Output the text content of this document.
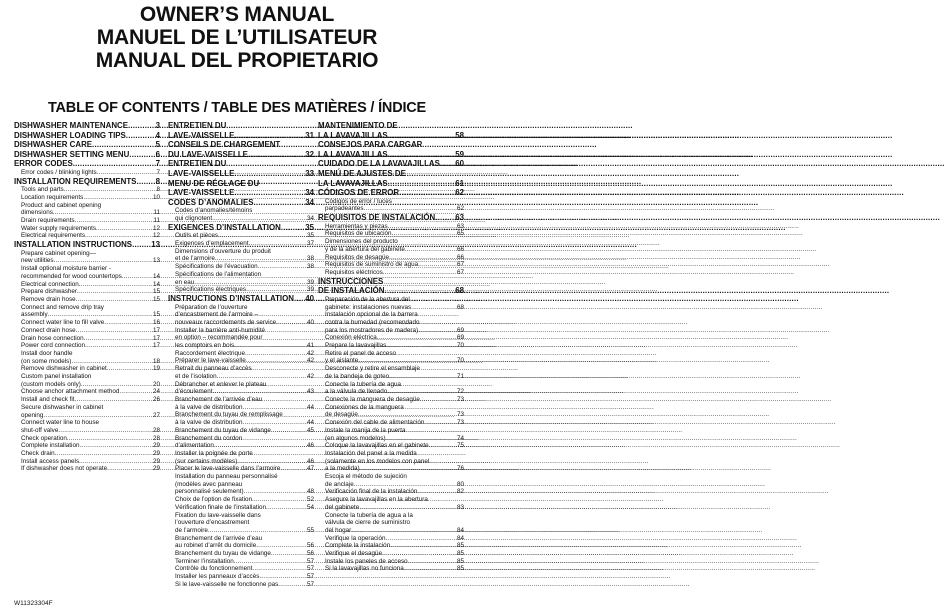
OWNER’S MANUAL
MANUEL DE L’UTILISATEUR
MANUAL DEL PROPIETARIO
TABLE OF CONTENTS / TABLE DES MATIÈRES / ÍNDICE
DISHWASHER MAINTENANCE .....	3
DISHWASHER LOADING TIPS .....	4
DISHWASHER CARE .....	5
DISHWASHER SETTING MENU .....	6
ERROR CODES .....	7
Error codes / blinking lights .....	7
INSTALLATION REQUIREMENTS ..... 8
Tools and parts .....	8
Location requirements .....	10
Product and cabinet opening
dimensions .....	11
Drain requirements .....	11
Water supply requirements .....	12
Electrical requirements .....	12
INSTALLATION INSTRUCTIONS ..... 13
Prepare cabinet opening—
new utilities .....	13
Install optional moisture barrier -
recommended for wood countertops .....	14
Electrical connection .....	14
Prepare dishwasher .....	15
Remove drain hose .....	15
Connect and remove drip tray
assembly .....	15
Connect water line to fill valve .....	16
Connect drain hose .....	17
Drain hose connection .....	17
Power cord connection .....	17
Install door handle
(on some models) .....	18
Remove dishwasher in cabinet .....	19
Custom panel installation
(custom models only) .....	20
Choose anchor attachment method .....	24
Install and check fit .....	26
Secure dishwasher in cabinet
opening .....	27
Connect water line to house
shut-off valve .....	28
Check operation .....	28
Complete installation .....	29
Check drain .....	29
Install access panels .....	29
If dishwasher does not operate .....	29
ENTRETIEN DU
LAVE-VAISSELLE .....	31
CONSEILS DE CHARGEMENT
DU LAVE-VAISSELLE .....	32
ENTRETIEN DU
LAVE-VAISSELLE .....	33
MENU DE RÉGLAGE DU
LAVE-VAISSELLE .....	34
CODES D’ANOMALIES .....	34
Codes d’anomalies/témoins
qui clignotent .....	34
EXIGENCES D’INSTALLATION .....	35
Outils et pièces .....	35
Exigences d’emplacement .....	37
Dimensions d’ouverture du produit
et de l’armoire .....	38
Spécifications de l’évacuation .....	38
Spécifications de l’alimentation
en eau .....	39
Spécifications électriques .....	39
INSTRUCTIONS D’INSTALLATION ..... 40
Préparation de l’ouverture
d’encastrement de l’armoire –
nouveaux raccordements de service .....	40
Installer la barrière anti-humidité
en option – recommandée pour
les comptoirs en bois .....	41
Raccordement électrique .....	42
Préparer le lave-vaisselle .....	42
Retrait du panneau d’accès
et de l’isolation .....	42
Débrancher et enlever le plateau
d’écoulement .....	43
Branchement de l’arrivée d’eau
à la valve de distribution .....	44
Branchement du tuyau de remplissage
à la valve de distribution .....	44
Branchement du tuyau de vidange .....	45
Branchement du cordon
d’alimentation .....	46
Installer la poignée de porte
(sur certains modèles) .....	46
Placer le lave-vaisselle dans l’armoire .....	47
Installation du panneau personnalisé
(modèles avec panneau
personnalisé seulement) .....	48
Choix de l’option de fixation .....	52
Vérification finale de l’installation .....	54
Fixation du lave-vaisselle dans
l’ouverture d’encastrement
de l’armoire .....	55
Branchement de l’arrivée d’eau
au robinet d’arrêt du domicile .....	56
Branchement du tuyau de vidange .....	56
Terminer l’installation .....	57
Contrôle du fonctionnement .....	57
Installer les panneaux d’accès .....	57
Si le lave-vaisselle ne fonctionne pas .....	57
MANTENIMIENTO DE
LA LAVAVAJILLAS .....	58
CONSEJOS PARA CARGAR
LA LAVAVAJILLAS .....	59
CUIDADO DE LA LAVAVAJILLAS ..... 60
MENÚ DE AJUSTES DE
LA LAVAVAJILLAS .....	61
CÓDIGOS DE ERROR .....	62
Códigos de error / luces
parpadeantes .....	62
REQUISITOS DE INSTALACIÓN .....	63
Herramientas y piezas .....	63
Requisitos de ubicación .....	65
Dimensiones del producto
y de la abertura del gabinete .....	66
Requisitos de desagüe .....	66
Requisitos de suministro de agua .....	67
Requisitos eléctricos .....	67
INSTRUCCIONES
DE INSTALACIÓN .....	68
Preparación de la abertura del
gabinete: instalaciones nuevas .....	68
Instalación opcional de la barrera
contra la humedad (recomendado
para los mostradores de madera) .....	69
Conexión eléctrica .....	69
Prepare la lavavajillas .....	70
Retire el panel de acceso
y el aislante .....	70
Desconecte y retire el ensamblaje
de la bandeja de goteo .....	71
Conecte la tubería de agua
a la válvula de llenado .....	72
Conecte la manguera de desagüe .....	73
Conexiones de la manguera
de desagüe .....	73
Conexión del cable de alimentación .....	73
Instale la manija de la puerta
(en algunos modelos) .....	74
Coloque la lavavajillas en el gabinete .....	75
Instalación del panel a la medida
(solamente en los modelos con panel
a la medida) .....	76
Escoja el método de sujeción
de anclaje .....	80
Verificación final de la instalación .....	82
Asegure la lavavajillas en la abertura
del gabinete .....	83
Conecte la tubería de agua a la
válvula de cierre de suministro
del hogar .....	84
Verifique la operación .....	84
Complete la instalación .....	85
Verifique el desagüe .....	85
Instale los paneles de acceso .....	85
Si la lavavajillas no funciona .....	85
W11323304F
